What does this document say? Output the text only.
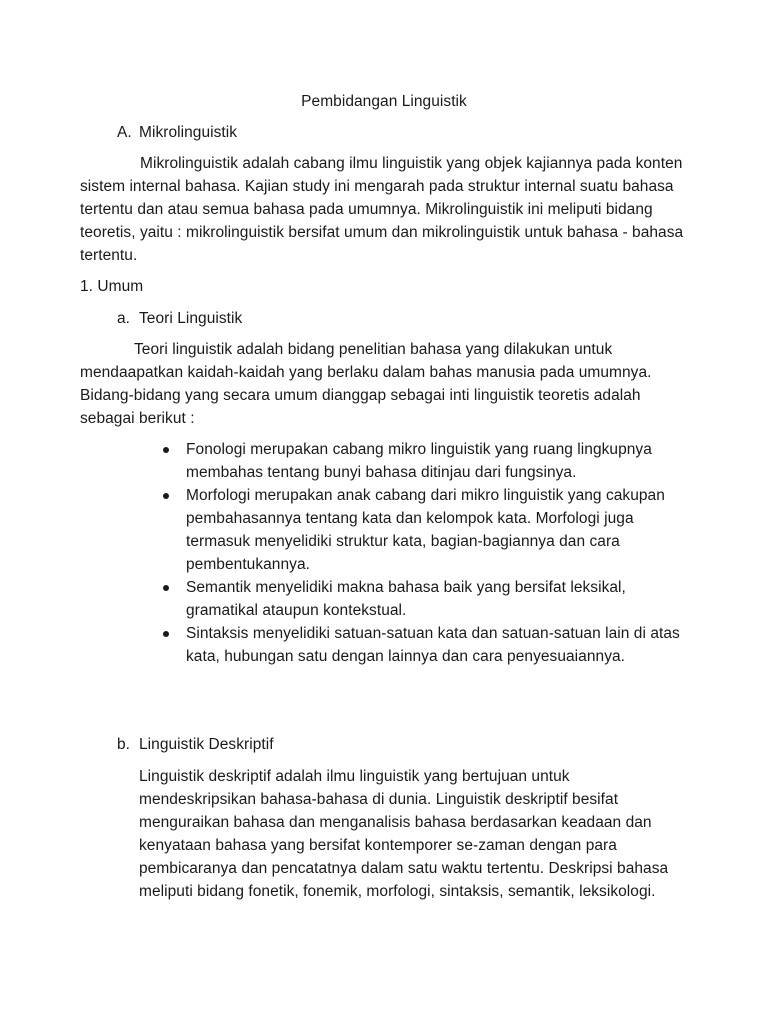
Pembidangan Linguistik
A. Mikrolinguistik

Mikrolinguistik adalah cabang ilmu linguistik yang objek kajiannya pada konten sistem internal bahasa. Kajian study ini mengarah pada struktur internal suatu bahasa tertentu dan atau semua bahasa pada umumnya. Mikrolinguistik ini meliputi bidang teoretis, yaitu : mikrolinguistik bersifat umum dan mikrolinguistik untuk bahasa - bahasa tertentu.

1. Umum
a. Teori Linguistik

Teori linguistik adalah bidang penelitian bahasa yang dilakukan untuk mendaapatkan kaidah-kaidah yang berlaku dalam bahas manusia pada umumnya. Bidang-bidang yang secara umum dianggap sebagai inti linguistik teoretis adalah sebagai berikut :

Fonologi merupakan cabang mikro linguistik yang ruang lingkupnya membahas tentang bunyi bahasa ditinjau dari fungsinya.
Morfologi merupakan anak cabang dari mikro linguistik yang cakupan pembahasannya tentang kata dan kelompok kata. Morfologi juga termasuk menyelidiki struktur kata, bagian-bagiannya dan cara pembentukannya.
Semantik menyelidiki makna bahasa baik yang bersifat leksikal, gramatikal ataupun kontekstual.
Sintaksis menyelidiki satuan-satuan kata dan satuan-satuan lain di atas kata, hubungan satu dengan lainnya dan cara penyesuaiannya.
b. Linguistik Deskriptif

Linguistik deskriptif adalah ilmu linguistik yang bertujuan untuk mendeskripsikan bahasa-bahasa di dunia. Linguistik deskriptif besifat menguraikan bahasa dan menganalisis bahasa berdasarkan keadaan dan kenyataan bahasa yang bersifat kontemporer se-zaman dengan para pembicaranya dan pencatatnya dalam satu waktu tertentu. Deskripsi bahasa meliputi bidang fonetik, fonemik, morfologi, sintaksis, semantik, leksikologi.
